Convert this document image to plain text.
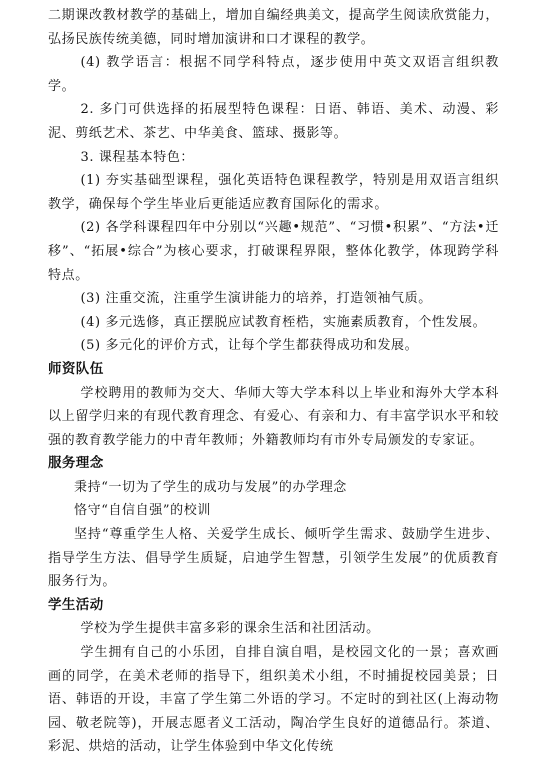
二期课改教材教学的基础上，增加自编经典美文，提高学生阅读欣赏能力，弘扬民族传统美德，同时增加演讲和口才课程的教学。

(4) 教学语言：根据不同学科特点，逐步使用中英文双语言组织教学。

2. 多门可供选择的拓展型特色课程：日语、韩语、美术、动漫、彩泥、剪纸艺术、茶艺、中华美食、篮球、摄影等。

3. 课程基本特色：

(1) 夯实基础型课程，强化英语特色课程教学，特别是用双语言组织教学，确保每个学生毕业后更能适应教育国际化的需求。

(2) 各学科课程四年中分别以“兴趣•规范”、“习惯•积累”、“方法•迁移”、“拓展•综合”为核心要求，打破课程界限，整体化教学，体现跨学科特点。

(3) 注重交流，注重学生演讲能力的培养，打造领袖气质。

(4) 多元选修，真正摆脱应试教育桎梏，实施素质教育，个性发展。

(5) 多元化的评价方式，让每个学生都获得成功和发展。

师资队伍

学校聘用的教师为交大、华师大等大学本科以上毕业和海外大学本科以上留学归来的有现代教育理念、有爱心、有亲和力、有丰富学识水平和较强的教育教学能力的中青年教师；外籍教师均有市外专局颁发的专家证。

服务理念

秉持“一切为了学生的成功与发展”的办学理念

恪守“自信自强”的校训

坚持“尊重学生人格、关爱学生成长、倾听学生需求、鼓励学生进步、指导学生方法、倡导学生质疑，启迪学生智慧，引领学生发展”的优质教育服务行为。

学生活动

学校为学生提供丰富多彩的课余生活和社团活动。

学生拥有自己的小乐团，自排自演自唱，是校园文化的一景；喜欢画画的同学，在美术老师的指导下，组织美术小组，不时捕捉校园美景；日语、韩语的开设，丰富了学生第二外语的学习。不定时的到社区(上海动物园、敬老院等)，开展志愿者义工活动，陶冶学生良好的道德品行。茶道、彩泥、烘焙的活动，让学生体验到中华文化传统
